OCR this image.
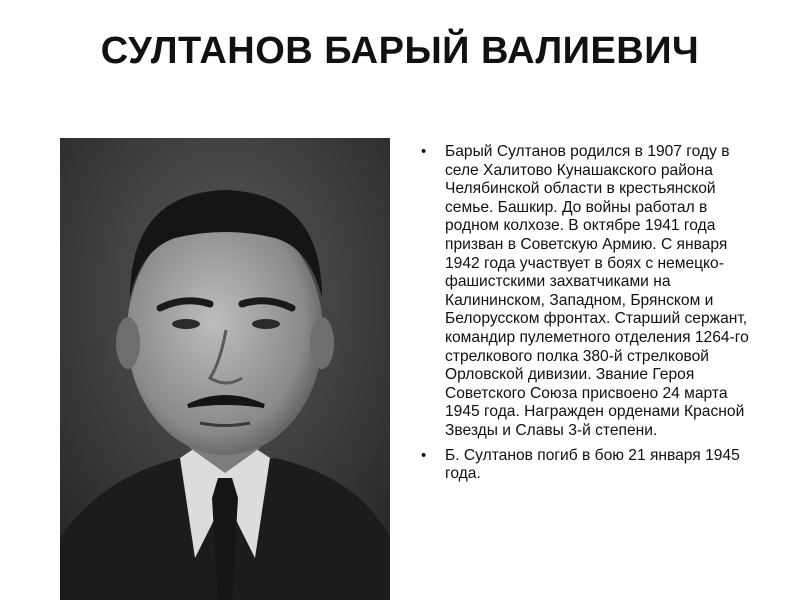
СУЛТАНОВ БАРЫЙ ВАЛИЕВИЧ
• Барый Султанов родился в 1907 году в селе Халитово Кунашакского района Челябинской области в крестьянской семье. Башкир. До войны работал в родном колхозе. В октябре 1941 года призван в Советскую Армию. С января 1942 года участвует в боях с немецко-фашистскими захватчиками на Калининском, Западном, Брянском и Белорусском фронтах. Старший сержант, командир пулеметного отделения 1264-го стрелкового полка 380-й стрелковой Орловской дивизии. Звание Героя Советского Союза присвоено 24 марта 1945 года. Награжден орденами Красной Звезды и Славы 3-й степени.
• Б. Султанов погиб в бою 21 января 1945 года.
